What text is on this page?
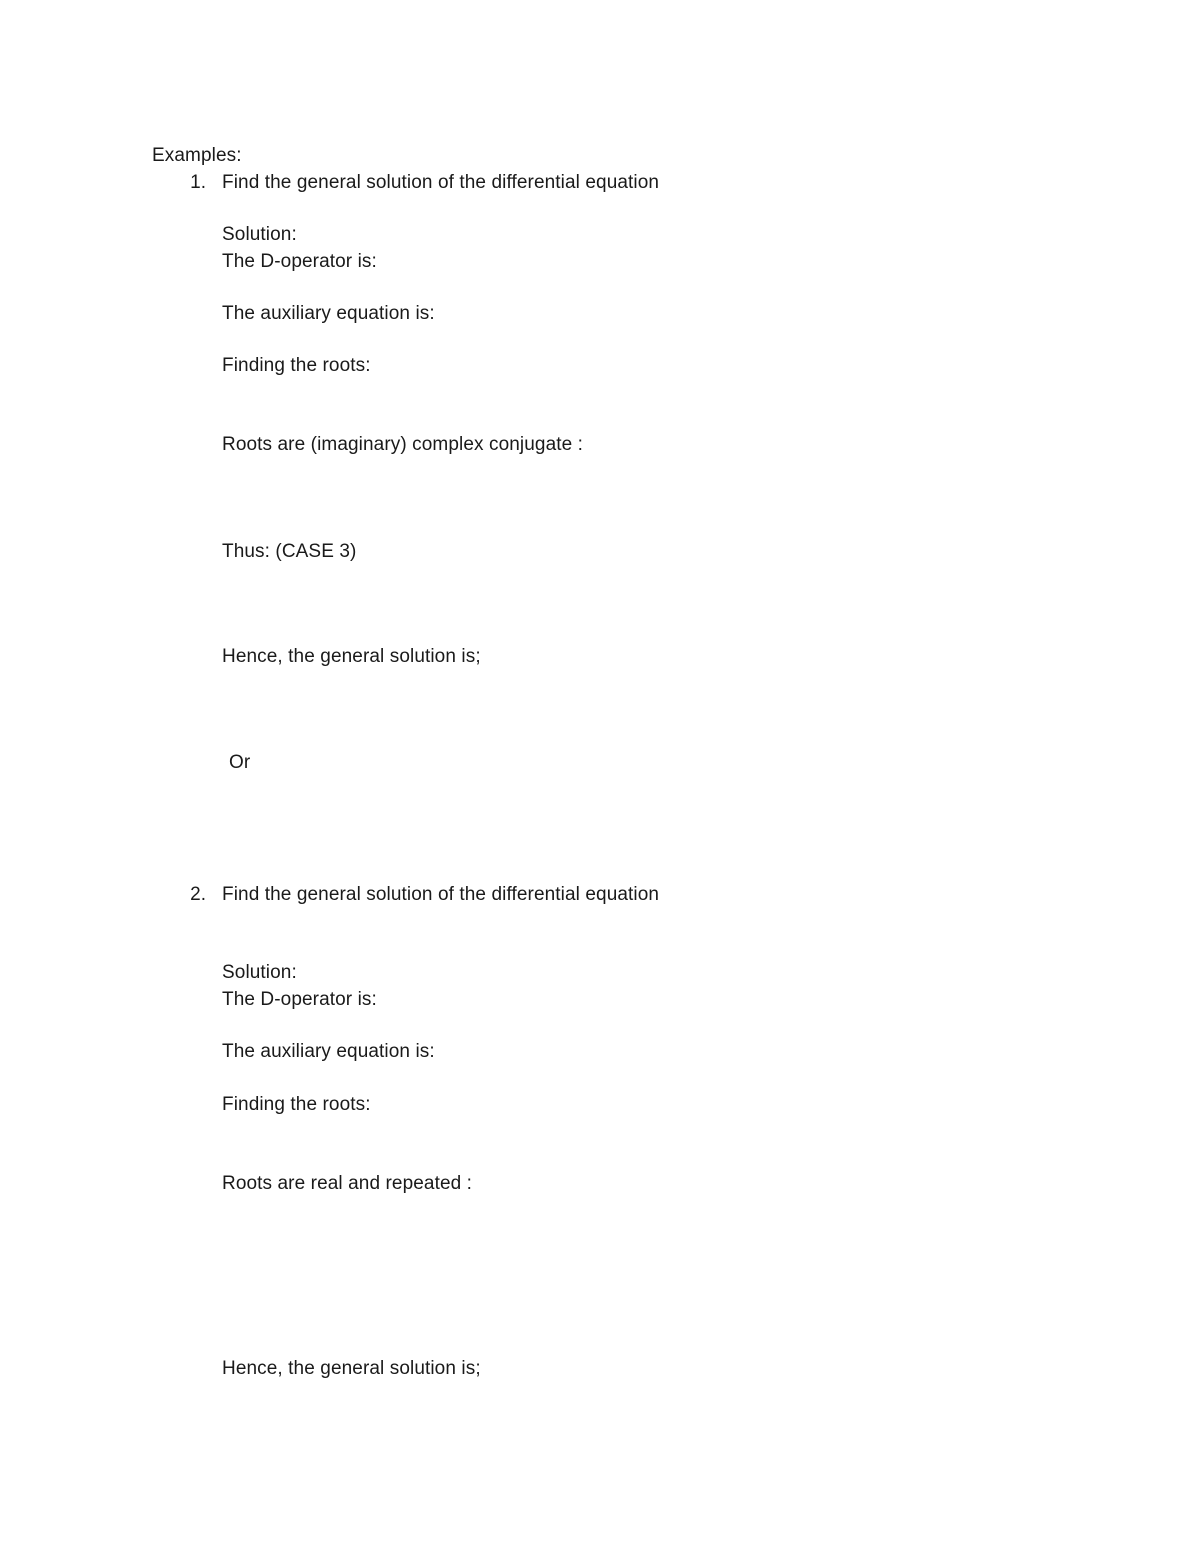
Examples:
1. Find the general solution of the differential equation
Solution:
The D-operator is:
The auxiliary equation is:
Finding the roots:
Roots are (imaginary) complex conjugate :
Thus: (CASE 3)
Hence, the general solution is;
Or
2. Find the general solution of the differential equation
Solution:
The D-operator is:
The auxiliary equation is:
Finding the roots:
Roots are real and repeated :
Hence, the general solution is;
